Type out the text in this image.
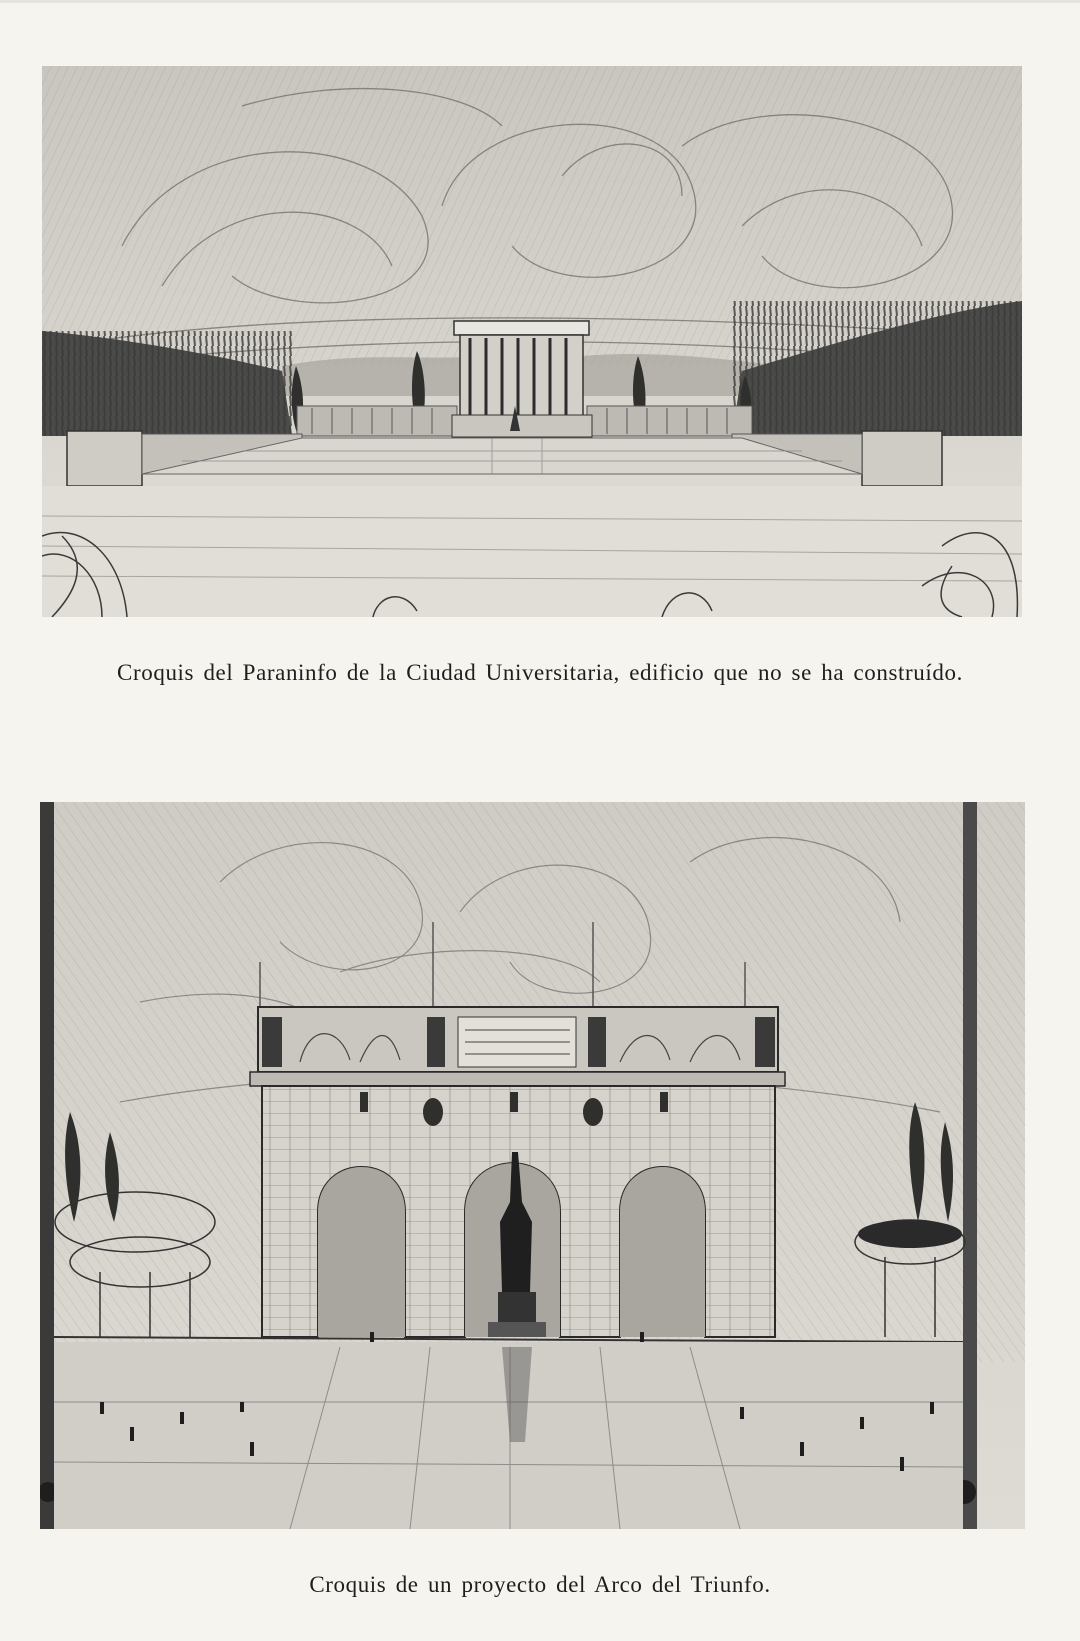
Croquis del Paraninfo de la Ciudad Universitaria, edificio que no se ha construído.
Croquis de un proyecto del Arco del Triunfo.
